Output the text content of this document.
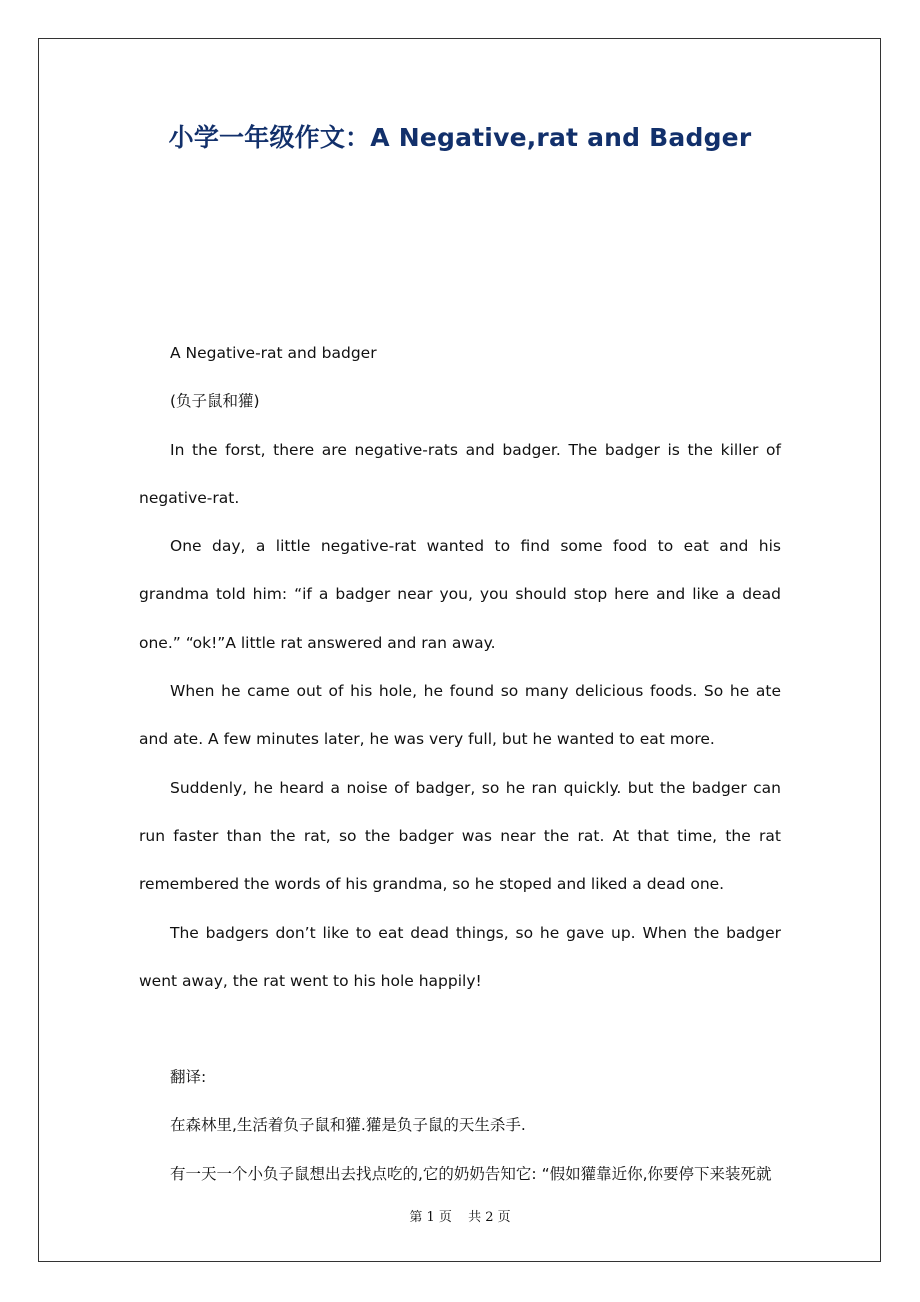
小学一年级作文：A Negative,rat and Badger

A Negative-rat and badger

(负子鼠和獾)

In the forst, there are negative-rats and badger. The badger is the killer of negative-rat.

One day, a little negative-rat wanted to find some food to eat and his grandma told him: “if a badger near you, you should stop here and like a dead one.” “ok!”A little rat answered and ran away.

When he came out of his hole, he found so many delicious foods. So he ate and ate. A few minutes later, he was very full, but he wanted to eat more.

Suddenly, he heard a noise of badger, so he ran quickly. but the badger can run faster than the rat, so the badger was near the rat. At that time, the rat remembered the words of his grandma, so he stoped and liked a dead one.

The badgers don’t like to eat dead things, so he gave up. When the badger went away, the rat went to his hole happily!

翻译:

在森林里,生活着负子鼠和獾.獾是负子鼠的天生杀手.

有一天一个小负子鼠想出去找点吃的,它的奶奶告知它: “假如獾靠近你,你要停下来装死就

第 1 页 共 2 页
